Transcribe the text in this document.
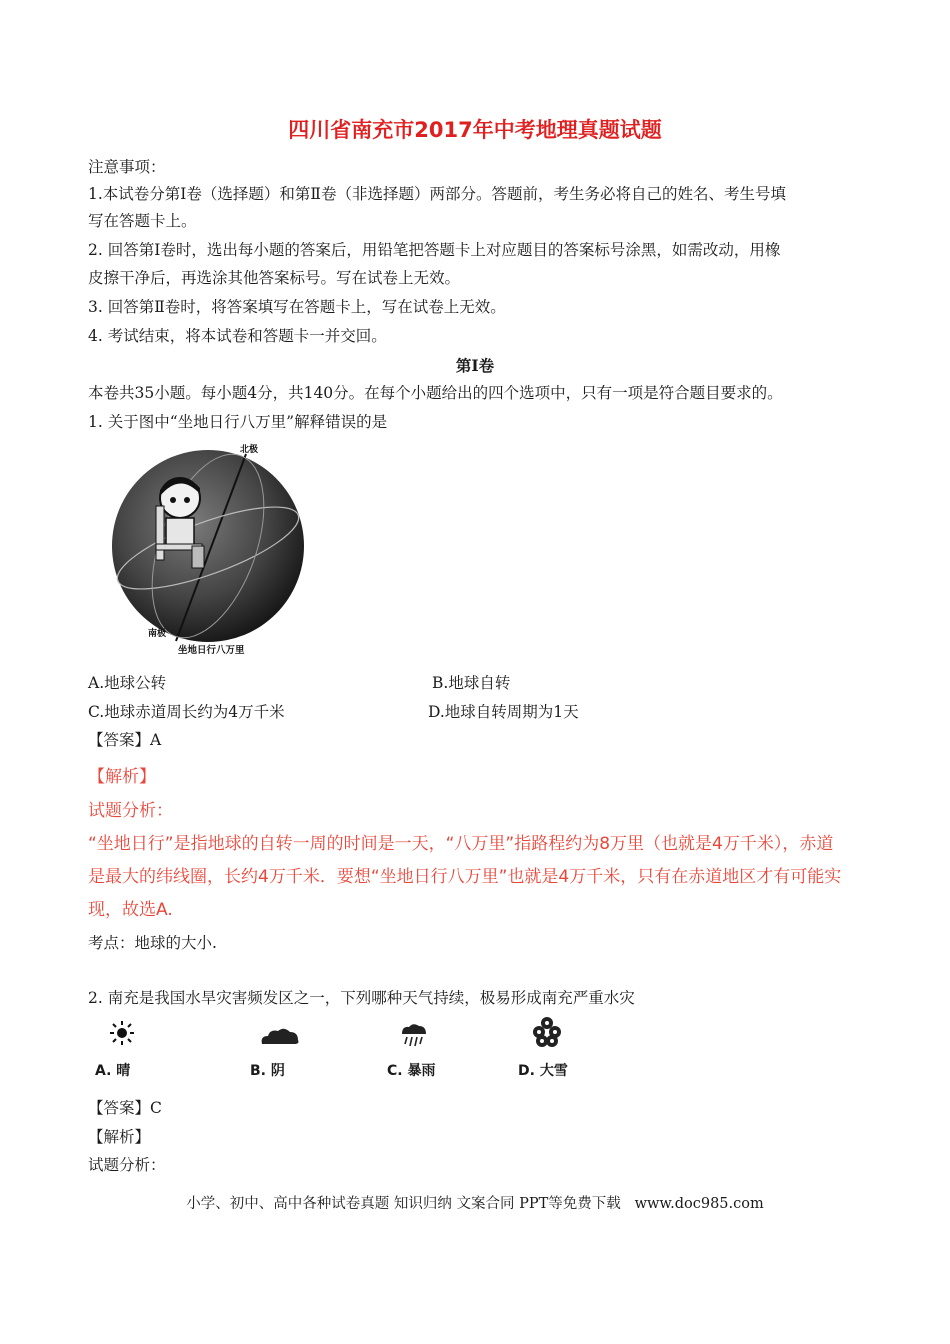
四川省南充市2017年中考地理真题试题
注意事项：
1.本试卷分第Ⅰ卷（选择题）和第Ⅱ卷（非选择题）两部分。答题前，考生务必将自己的姓名、考生号填
写在答题卡上。
2. 回答第Ⅰ卷时，选出每小题的答案后，用铅笔把答题卡上对应题目的答案标号涂黑，如需改动，用橡
皮擦干净后，再选涂其他答案标号。写在试卷上无效。
3. 回答第Ⅱ卷时，将答案填写在答题卡上，写在试卷上无效。
4. 考试结束，将本试卷和答题卡一并交回。
第Ⅰ卷
本卷共35小题。每小题4分，共140分。在每个小题给出的四个选项中，只有一项是符合题目要求的。
1. 关于图中“坐地日行八万里”解释错误的是
北极
南极
坐地日行八万里
A.地球公转	B.地球自转
C.地球赤道周长约为4万千米	D.地球自转周期为1天
【答案】A
【解析】
试题分析：
“坐地日行”是指地球的自转一周的时间是一天，“八万里”指路程约为8万里（也就是4万千米），赤道
是最大的纬线圈，长约4万千米．要想“坐地日行八万里”也就是4万千米，只有在赤道地区才有可能实
现，故选A.
考点：地球的大小.
2. 南充是我国水旱灾害频发区之一，下列哪种天气持续，极易形成南充严重水灾
A. 晴	B. 阴	C. 暴雨	D. 大雪
【答案】C
【解析】
试题分析：
小学、初中、高中各种试卷真题 知识归纳 文案合同 PPT等免费下载   www.doc985.com
